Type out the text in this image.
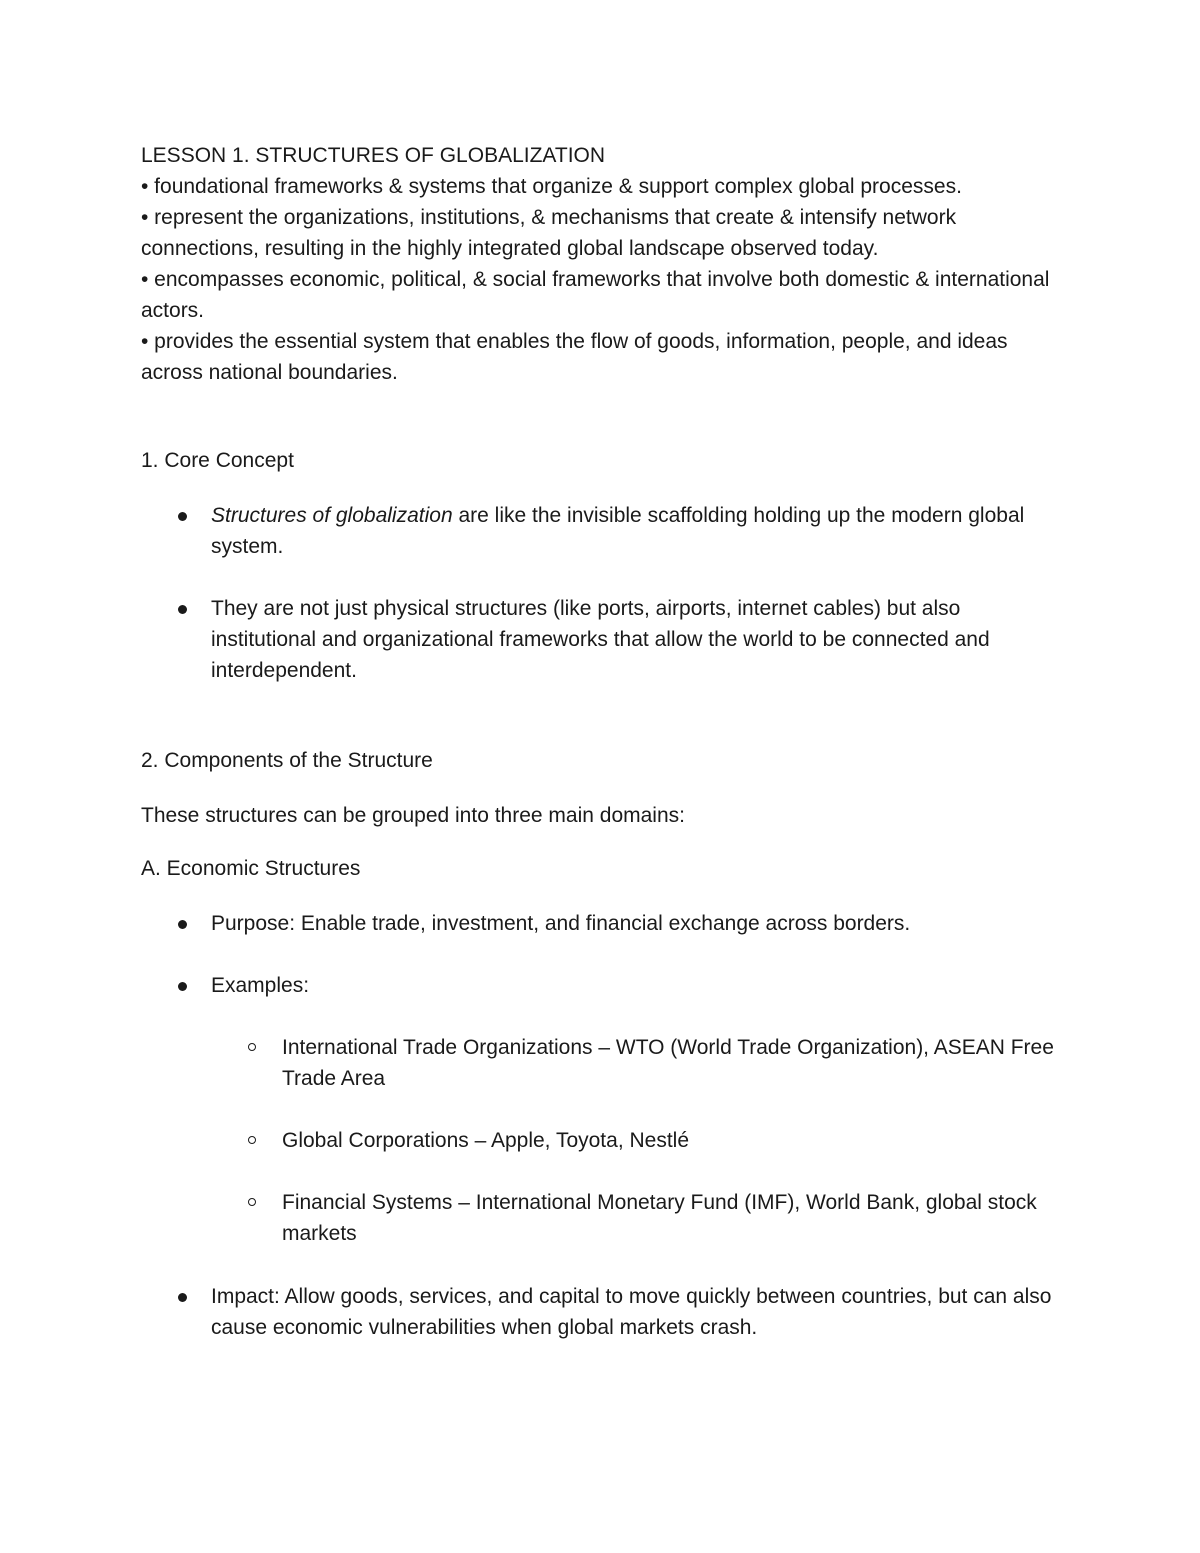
LESSON 1. STRUCTURES OF GLOBALIZATION

• foundational frameworks & systems that organize & support complex global processes.

• represent the organizations, institutions, & mechanisms that create & intensify network connections, resulting in the highly integrated global landscape observed today.

• encompasses economic, political, & social frameworks that involve both domestic & international actors.

• provides the essential system that enables the flow of goods, information, people, and ideas across national boundaries.

1. Core Concept

Structures of globalization are like the invisible scaffolding holding up the modern global system.

They are not just physical structures (like ports, airports, internet cables) but also institutional and organizational frameworks that allow the world to be connected and interdependent.

2. Components of the Structure

These structures can be grouped into three main domains:

A. Economic Structures

Purpose: Enable trade, investment, and financial exchange across borders.

Examples:

International Trade Organizations – WTO (World Trade Organization), ASEAN Free Trade Area

Global Corporations – Apple, Toyota, Nestlé

Financial Systems – International Monetary Fund (IMF), World Bank, global stock markets

Impact: Allow goods, services, and capital to move quickly between countries, but can also cause economic vulnerabilities when global markets crash.
